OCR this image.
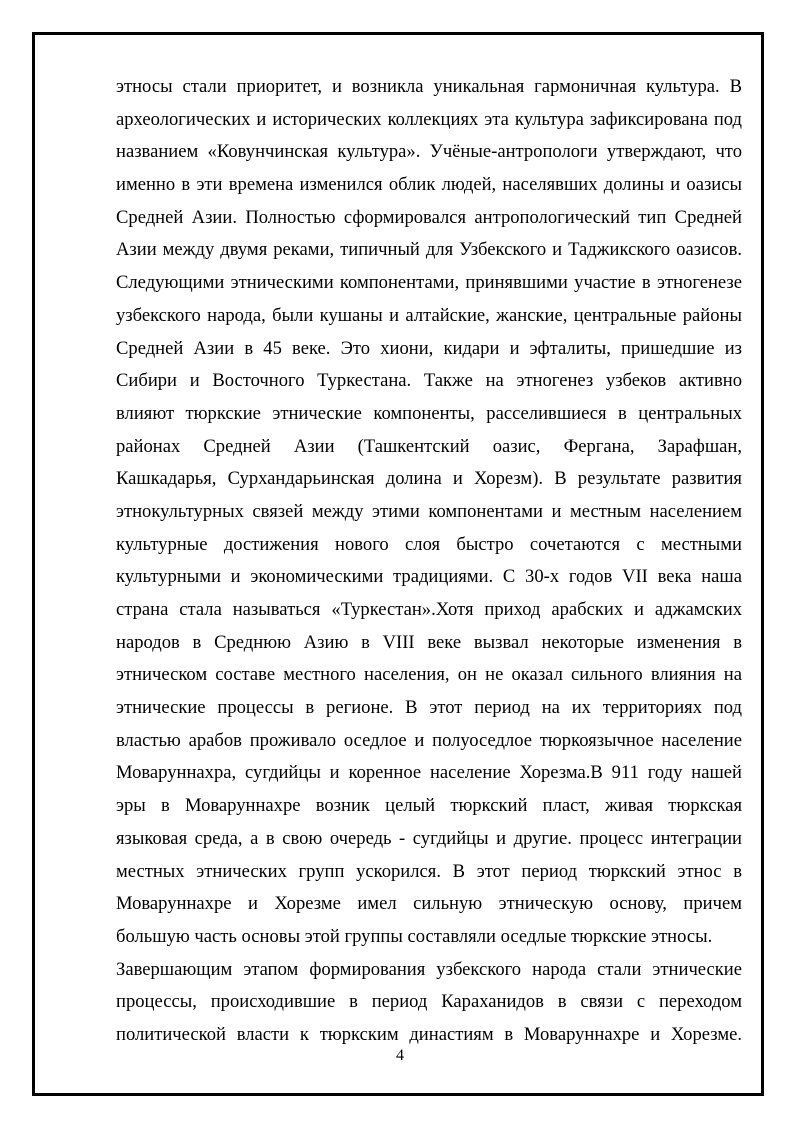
этносы стали приоритет, и возникла уникальная гармоничная культура. В
археологических и исторических коллекциях эта культура зафиксирована под
названием «Ковунчинская культура». Учёные-антропологи утверждают, что
именно в эти времена изменился облик людей, населявших долины и оазисы
Средней Азии. Полностью сформировался антропологический тип Средней
Азии между двумя реками, типичный для Узбекского и Таджикского оазисов.
Следующими этническими компонентами, принявшими участие в этногенезе
узбекского народа, были кушаны и алтайские, жанские, центральные районы
Средней Азии в 45 веке. Это хиони, кидари и эфталиты, пришедшие из
Сибири и Восточного Туркестана. Также на этногенез узбеков активно
влияют тюркские этнические компоненты, расселившиеся в центральных
районах Средней Азии (Ташкентский оазис, Фергана, Зарафшан,
Кашкадарья, Сурхандарьинская долина и Хорезм). В результате развития
этнокультурных связей между этими компонентами и местным населением
культурные достижения нового слоя быстро сочетаются с местными
культурными и экономическими традициями. С 30-х годов VII века наша
страна стала называться «Туркестан».Хотя приход арабских и аджамских
народов в Среднюю Азию в VIII веке вызвал некоторые изменения в
этническом составе местного населения, он не оказал сильного влияния на
этнические процессы в регионе. В этот период на их территориях под
властью арабов проживало оседлое и полуоседлое тюркоязычное население
Моваруннахра, сугдийцы и коренное население Хорезма.В 911 году нашей
эры в Моваруннахре возник целый тюркский пласт, живая тюркская
языковая среда, а в свою очередь - сугдийцы и другие. процесс интеграции
местных этнических групп ускорился. В этот период тюркский этнос в
Моваруннахре и Хорезме имел сильную этническую основу, причем
большую часть основы этой группы составляли оседлые тюркские этносы.
Завершающим этапом формирования узбекского народа стали этнические
процессы, происходившие в период Караханидов в связи с переходом
политической власти к тюркским династиям в Моваруннахре и Хорезме.
4
